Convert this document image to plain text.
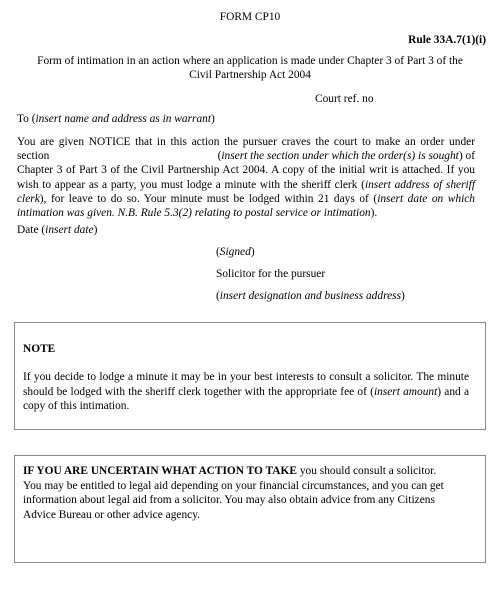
FORM CP10
Rule 33A.7(1)(i)
Form of intimation in an action where an application is made under Chapter 3 of Part 3 of the
Civil Partnership Act 2004
Court ref. no
To (insert name and address as in warrant)
You are given NOTICE that in this action the pursuer craves the court to make an order under
section	(insert the section under which the order(s) is sought) of
Chapter 3 of Part 3 of the Civil Partnership Act 2004. A copy of the initial writ is attached. If you
wish to appear as a party, you must lodge a minute with the sheriff clerk (insert address of sheriff
clerk), for leave to do so. Your minute must be lodged within 21 days of (insert date on which
intimation was given. N.B. Rule 5.3(2) relating to postal service or intimation).
Date (insert date)
(Signed)
Solicitor for the pursuer
(insert designation and business address)
NOTE
If you decide to lodge a minute it may be in your best interests to consult a solicitor. The minute
should be lodged with the sheriff clerk together with the appropriate fee of (insert amount) and a
copy of this intimation.
IF YOU ARE UNCERTAIN WHAT ACTION TO TAKE you should consult a solicitor.
You may be entitled to legal aid depending on your financial circumstances, and you can get
information about legal aid from a solicitor. You may also obtain advice from any Citizens
Advice Bureau or other advice agency.
